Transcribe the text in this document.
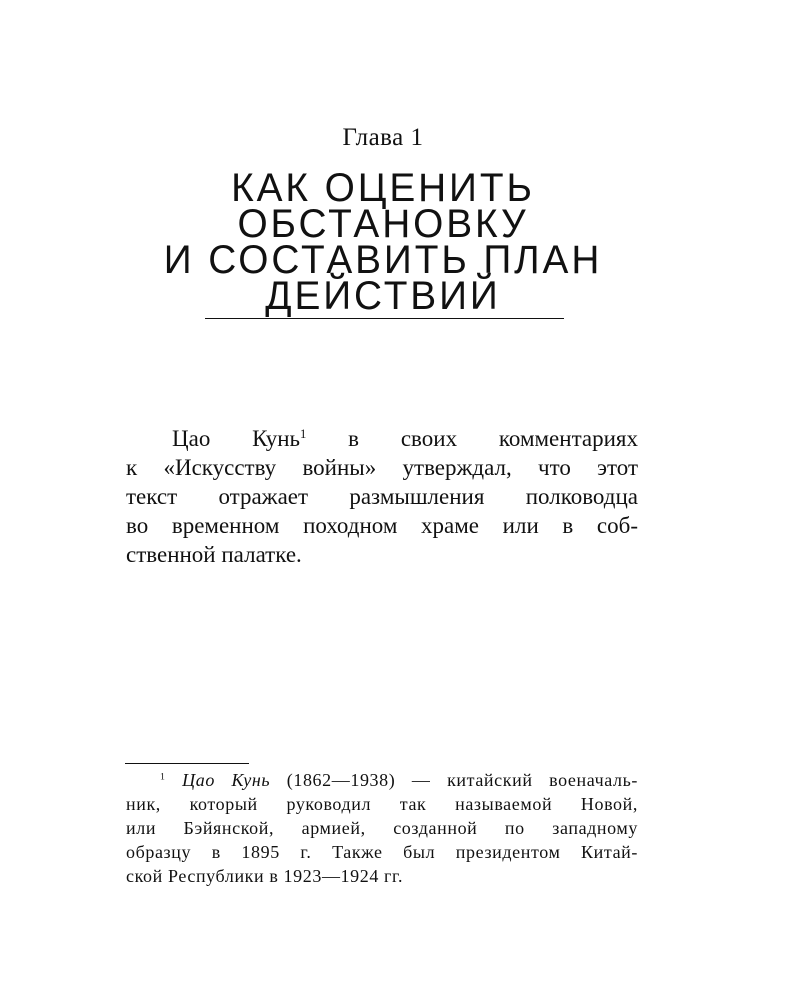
Глава 1
КАК ОЦЕНИТЬ
ОБСТАНОВКУ
И СОСТАВИТЬ ПЛАН
ДЕЙСТВИЙ
Цао Кунь$^1$ в своих комментариях
к «Искусству войны» утверждал, что этот
текст отражает размышления полководца
во временном походном храме или в соб-
ственной палатке.
$^1$ Цао Кунь (1862—1938) — китайский военачаль-
ник, который руководил так называемой Новой,
или Бэйянской, армией, созданной по западному
образцу в 1895 г. Также был президентом Китай-
ской Республики в 1923—1924 гг.
